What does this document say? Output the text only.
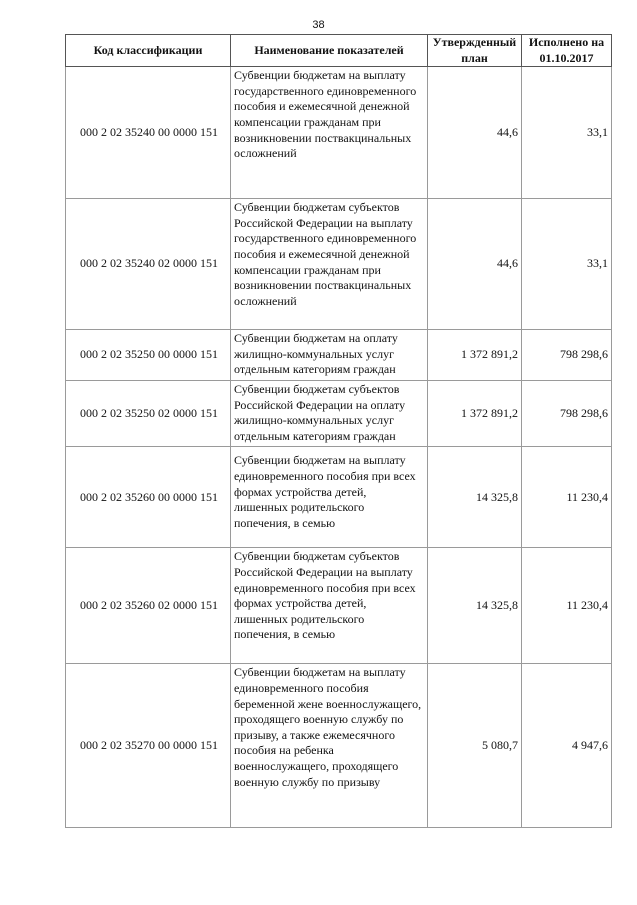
38
Код классификации	Наименование показателей	Утвержденный план	Исполнено на 01.10.2017

000 2 02 35240 00 0000 151	Субвенции бюджетам на выплату государственного единовременного пособия и ежемесячной денежной компенсации гражданам при возникновении поствакцинальных осложнений	44,6	33,1
000 2 02 35240 02 0000 151	Субвенции бюджетам субъектов Российской Федерации на выплату государственного единовременного пособия и ежемесячной денежной компенсации гражданам при возникновении поствакцинальных осложнений	44,6	33,1
000 2 02 35250 00 0000 151	Субвенции бюджетам на оплату жилищно-коммунальных услуг отдельным категориям граждан	1 372 891,2	798 298,6
000 2 02 35250 02 0000 151	Субвенции бюджетам субъектов Российской Федерации на оплату жилищно-коммунальных услуг отдельным категориям граждан	1 372 891,2	798 298,6
000 2 02 35260 00 0000 151	Субвенции бюджетам на выплату единовременного пособия при всех формах устройства детей, лишенных родительского попечения, в семью	14 325,8	11 230,4
000 2 02 35260 02 0000 151	Субвенции бюджетам субъектов Российской Федерации на выплату единовременного пособия при всех формах устройства детей, лишенных родительского попечения, в семью	14 325,8	11 230,4
000 2 02 35270 00 0000 151	Субвенции бюджетам на выплату единовременного пособия беременной жене военнослужащего, проходящего военную службу по призыву, а также ежемесячного пособия на ребенка военнослужащего, проходящего военную службу по призыву	5 080,7	4 947,6
